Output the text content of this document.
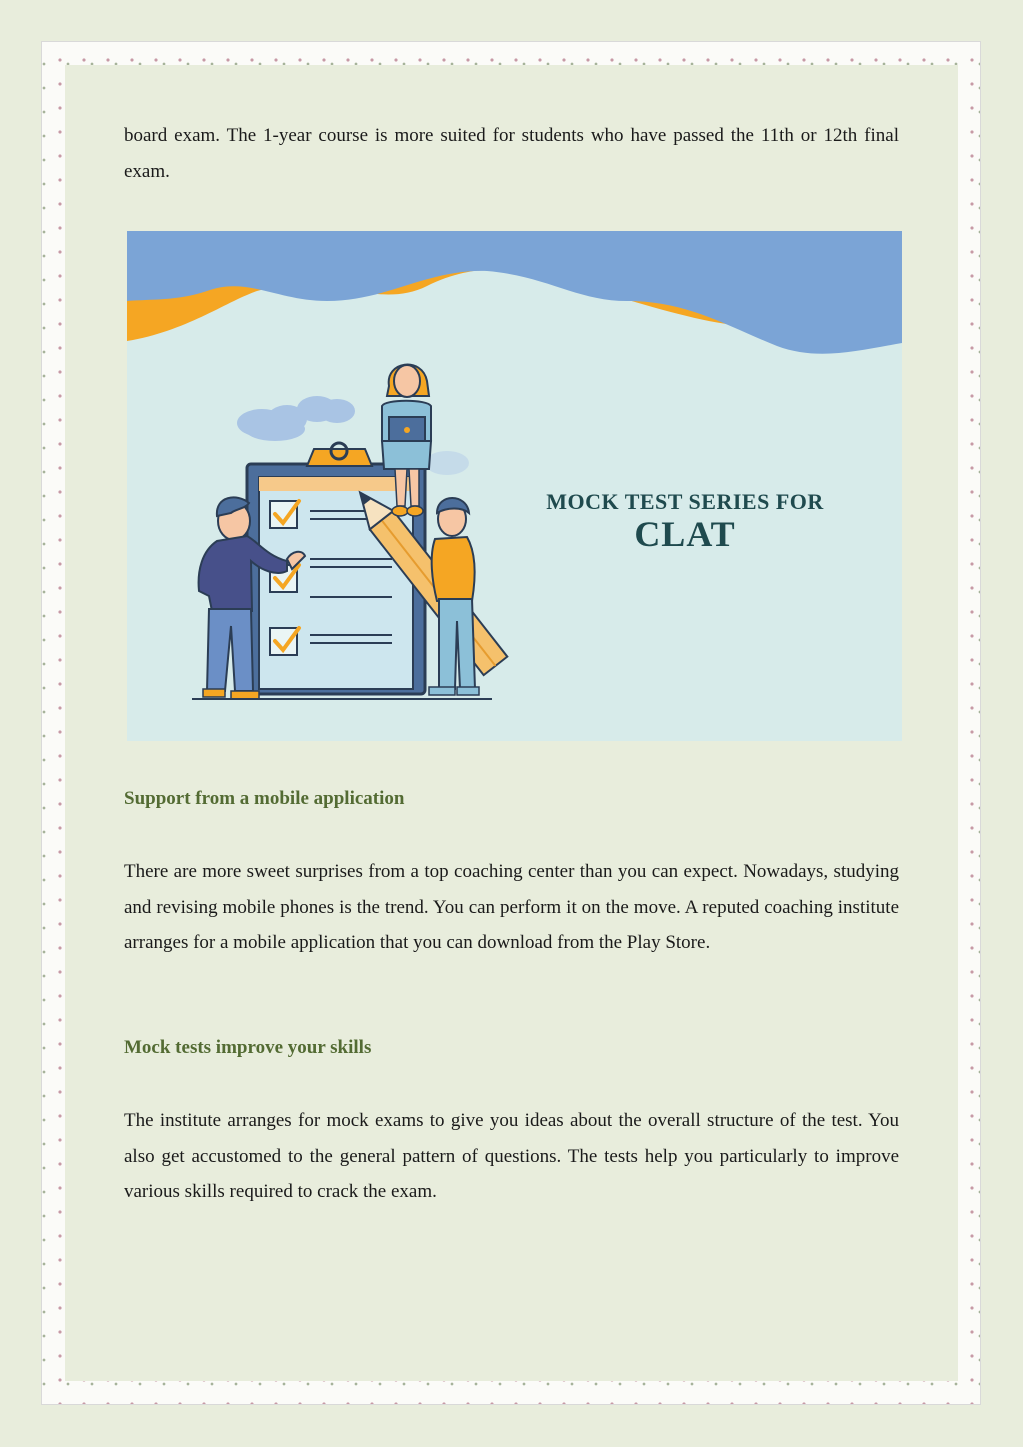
board exam. The 1-year course is more suited for students who have passed the 11th or 12th final exam.

MOCK TEST SERIES FOR
CLAT

Support from a mobile application

There are more sweet surprises from a top coaching center than you can expect. Nowadays, studying and revising mobile phones is the trend. You can perform it on the move. A reputed coaching institute arranges for a mobile application that you can download from the Play Store.

Mock tests improve your skills

The institute arranges for mock exams to give you ideas about the overall structure of the test. You also get accustomed to the general pattern of questions. The tests help you particularly to improve various skills required to crack the exam.
